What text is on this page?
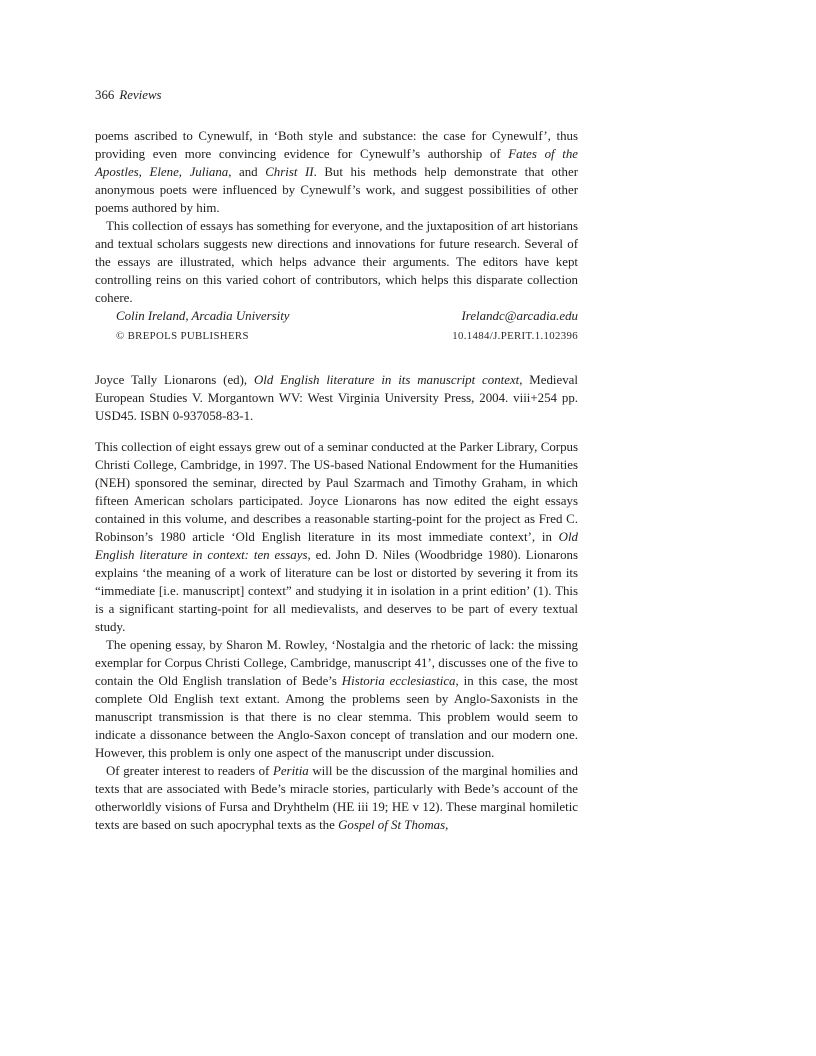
366 Reviews

poems ascribed to Cynewulf, in ‘Both style and substance: the case for Cynewulf’, thus providing even more convincing evidence for Cynewulf’s authorship of Fates of the Apostles, Elene, Juliana, and Christ II. But his methods help demonstrate that other anonymous poets were influenced by Cynewulf’s work, and suggest possibilities of other poems authored by him.

This collection of essays has something for everyone, and the juxtaposition of art historians and textual scholars suggests new directions and innovations for future research. Several of the essays are illustrated, which helps advance their arguments. The editors have kept controlling reins on this varied cohort of contributors, which helps this disparate collection cohere.

Colin Ireland, Arcadia University	Irelandc@arcadia.edu
© BREPOLS PUBLISHERS	10.1484/J.PERIT.1.102396

Joyce Tally Lionarons (ed), Old English literature in its manuscript context, Medieval European Studies V. Morgantown WV: West Virginia University Press, 2004. viii+254 pp. USD45. ISBN 0-937058-83-1.

This collection of eight essays grew out of a seminar conducted at the Parker Library, Corpus Christi College, Cambridge, in 1997. The US-based National Endowment for the Humanities (NEH) sponsored the seminar, directed by Paul Szarmach and Timothy Graham, in which fifteen American scholars participated. Joyce Lionarons has now edited the eight essays contained in this volume, and describes a reasonable starting-point for the project as Fred C. Robinson’s 1980 article ‘Old English literature in its most immediate context’, in Old English literature in context: ten essays, ed. John D. Niles (Woodbridge 1980). Lionarons explains ‘the meaning of a work of literature can be lost or distorted by severing it from its “immediate [i.e. manuscript] context” and studying it in isolation in a print edition’ (1). This is a significant starting-point for all medievalists, and deserves to be part of every textual study.

The opening essay, by Sharon M. Rowley, ‘Nostalgia and the rhetoric of lack: the missing exemplar for Corpus Christi College, Cambridge, manuscript 41’, discusses one of the five to contain the Old English translation of Bede’s Historia ecclesiastica, in this case, the most complete Old English text extant. Among the problems seen by Anglo-Saxonists in the manuscript transmission is that there is no clear stemma. This problem would seem to indicate a dissonance between the Anglo-Saxon concept of translation and our modern one. However, this problem is only one aspect of the manuscript under discussion.

Of greater interest to readers of Peritia will be the discussion of the marginal homilies and texts that are associated with Bede’s miracle stories, particularly with Bede’s account of the otherworldly visions of Fursa and Dryhthelm (HE iii 19; HE v 12). These marginal homiletic texts are based on such apocryphal texts as the Gospel of St Thomas,
